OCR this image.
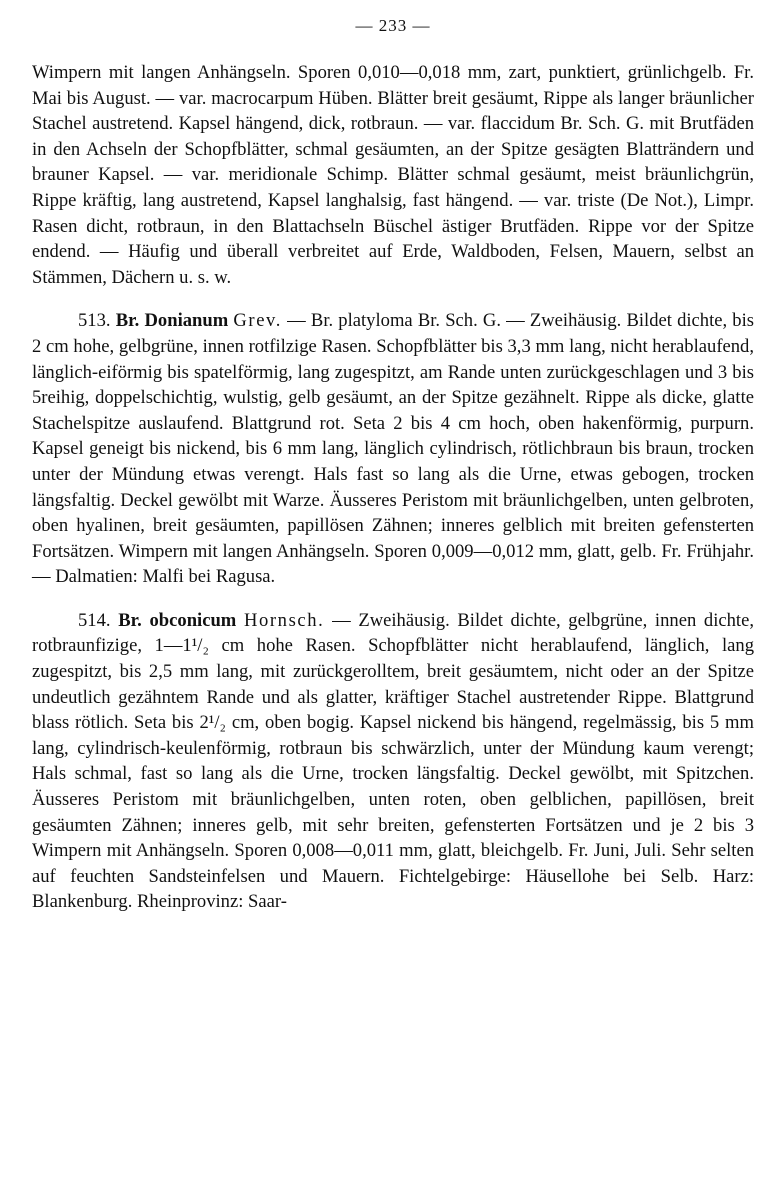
— 233 —

Wimpern mit langen Anhängseln. Sporen 0,010—0,018 mm, zart, punktiert, grünlichgelb. Fr. Mai bis August. — var. macrocarpum Hüben. Blätter breit gesäumt, Rippe als langer bräunlicher Stachel austretend. Kapsel hängend, dick, rotbraun. — var. flaccidum Br. Sch. G. mit Brutfäden in den Achseln der Schopfblätter, schmal gesäumten, an der Spitze gesägten Blatträndern und brauner Kapsel. — var. meridionale Schimp. Blätter schmal gesäumt, meist bräunlichgrün, Rippe kräftig, lang austretend, Kapsel langhalsig, fast hängend. — var. triste (De Not.), Limpr. Rasen dicht, rotbraun, in den Blattachseln Büschel ästiger Brutfäden. Rippe vor der Spitze endend. — Häufig und überall verbreitet auf Erde, Waldboden, Felsen, Mauern, selbst an Stämmen, Dächern u. s. w.

513. Br. Donianum Grev. — Br. platyloma Br. Sch. G. — Zweihäusig. Bildet dichte, bis 2 cm hohe, gelbgrüne, innen rotfilzige Rasen. Schopfblätter bis 3,3 mm lang, nicht herablaufend, länglich-eiförmig bis spatelförmig, lang zugespitzt, am Rande unten zurückgeschlagen und 3 bis 5reihig, doppelschichtig, wulstig, gelb gesäumt, an der Spitze gezähnelt. Rippe als dicke, glatte Stachelspitze auslaufend. Blattgrund rot. Seta 2 bis 4 cm hoch, oben hakenförmig, purpurn. Kapsel geneigt bis nickend, bis 6 mm lang, länglich cylindrisch, rötlichbraun bis braun, trocken unter der Mündung etwas verengt. Hals fast so lang als die Urne, etwas gebogen, trocken längsfaltig. Deckel gewölbt mit Warze. Äusseres Peristom mit bräunlichgelben, unten gelbroten, oben hyalinen, breit gesäumten, papillösen Zähnen; inneres gelblich mit breiten gefensterten Fortsätzen. Wimpern mit langen Anhängseln. Sporen 0,009—0,012 mm, glatt, gelb. Fr. Frühjahr. — Dalmatien: Malfi bei Ragusa.

514. Br. obconicum Hornsch. — Zweihäusig. Bildet dichte, gelbgrüne, innen dichte, rotbraunfizige, 1—1¹/₂ cm hohe Rasen. Schopfblätter nicht herablaufend, länglich, lang zugespitzt, bis 2,5 mm lang, mit zurückgerolltem, breit gesäumtem, nicht oder an der Spitze undeutlich gezähntem Rande und als glatter, kräftiger Stachel austretender Rippe. Blattgrund blass rötlich. Seta bis 2¹/₂ cm, oben bogig. Kapsel nickend bis hängend, regelmässig, bis 5 mm lang, cylindrisch-keulenförmig, rotbraun bis schwärzlich, unter der Mündung kaum verengt; Hals schmal, fast so lang als die Urne, trocken längsfaltig. Deckel gewölbt, mit Spitzchen. Äusseres Peristom mit bräunlichgelben, unten roten, oben gelblichen, papillösen, breit gesäumten Zähnen; inneres gelb, mit sehr breiten, gefensterten Fortsätzen und je 2 bis 3 Wimpern mit Anhängseln. Sporen 0,008—0,011 mm, glatt, bleichgelb. Fr. Juni, Juli. Sehr selten auf feuchten Sandsteinfelsen und Mauern. Fichtelgebirge: Häusellohe bei Selb. Harz: Blankenburg. Rheinprovinz: Saar-
